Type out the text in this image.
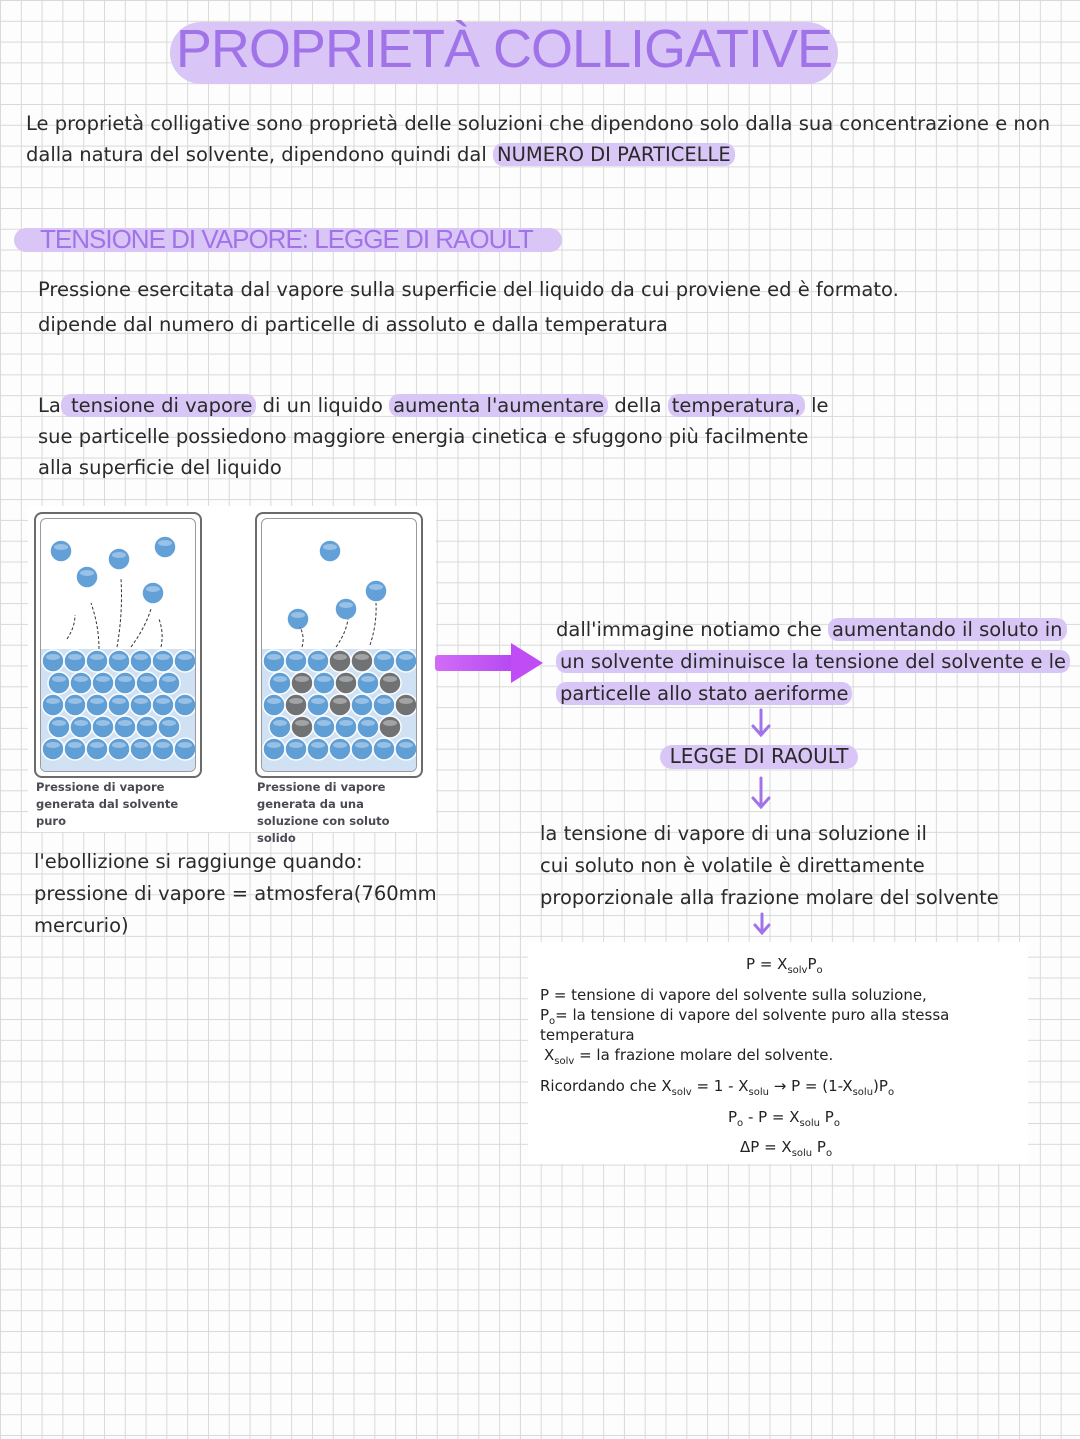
PROPRIETÀ COLLIGATIVE
Le proprietà colligative sono proprietà delle soluzioni che dipendono solo dalla sua concentrazione e non
dalla natura del solvente, dipendono quindi dal NUMERO DI PARTICELLE
TENSIONE DI VAPORE: LEGGE DI RAOULT
Pressione esercitata dal vapore sulla superficie del liquido da cui proviene ed è formato.
dipende dal numero di particelle di assoluto e dalla temperatura
La tensione di vapore di un liquido aumenta l'aumentare della temperatura, le
sue particelle possiedono maggiore energia cinetica e sfuggono più facilmente
alla superficie del liquido
Pressione di vapore generata dal solvente puro
Pressione di vapore generata da una soluzione con soluto solido
l'ebollizione si raggiunge quando:
pressione di vapore = atmosfera(760mm
mercurio)
dall'immagine notiamo che aumentando il soluto in
un solvente diminuisce la tensione del solvente e le
particelle allo stato aeriforme
LEGGE DI RAOULT
la tensione di vapore di una soluzione il
cui soluto non è volatile è direttamente
proporzionale alla frazione molare del solvente
$P = X_{solv}P_o$
P = tensione di vapore del solvente sulla soluzione,
$P_o=$ la tensione di vapore del solvente puro alla stessa
temperatura
$X_{solv}$ = la frazione molare del solvente.
Ricordando che $X_{solv} = 1 - X_{solu} \to P = (1-X_{solu})P_o$
$P_o - P = X_{solu}$ $P_o$
$\Delta P = X_{solu}$ $P_o$
